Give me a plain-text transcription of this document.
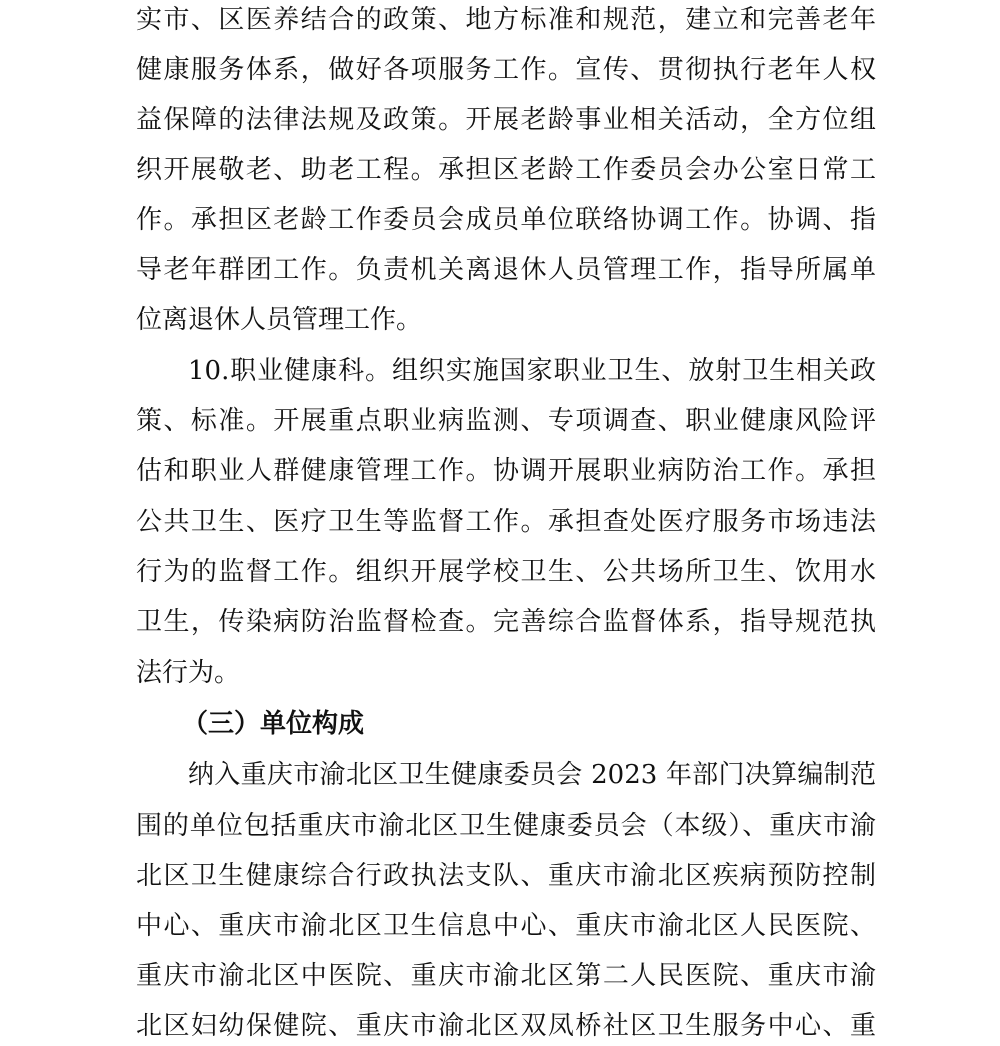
实市、区医养结合的政策、地方标准和规范，建立和完善老年
健康服务体系，做好各项服务工作。宣传、贯彻执行老年人权
益保障的法律法规及政策。开展老龄事业相关活动，全方位组
织开展敬老、助老工程。承担区老龄工作委员会办公室日常工
作。承担区老龄工作委员会成员单位联络协调工作。协调、指
导老年群团工作。负责机关离退休人员管理工作，指导所属单
位离退休人员管理工作。
10.职业健康科。组织实施国家职业卫生、放射卫生相关政
策、标准。开展重点职业病监测、专项调查、职业健康风险评
估和职业人群健康管理工作。协调开展职业病防治工作。承担
公共卫生、医疗卫生等监督工作。承担查处医疗服务市场违法
行为的监督工作。组织开展学校卫生、公共场所卫生、饮用水
卫生，传染病防治监督检查。完善综合监督体系，指导规范执
法行为。
（三）单位构成
纳入重庆市渝北区卫生健康委员会 2023 年部门决算编制范
围的单位包括重庆市渝北区卫生健康委员会（本级）、重庆市渝
北区卫生健康综合行政执法支队、重庆市渝北区疾病预防控制
中心、重庆市渝北区卫生信息中心、重庆市渝北区人民医院、
重庆市渝北区中医院、重庆市渝北区第二人民医院、重庆市渝
北区妇幼保健院、重庆市渝北区双凤桥社区卫生服务中心、重
